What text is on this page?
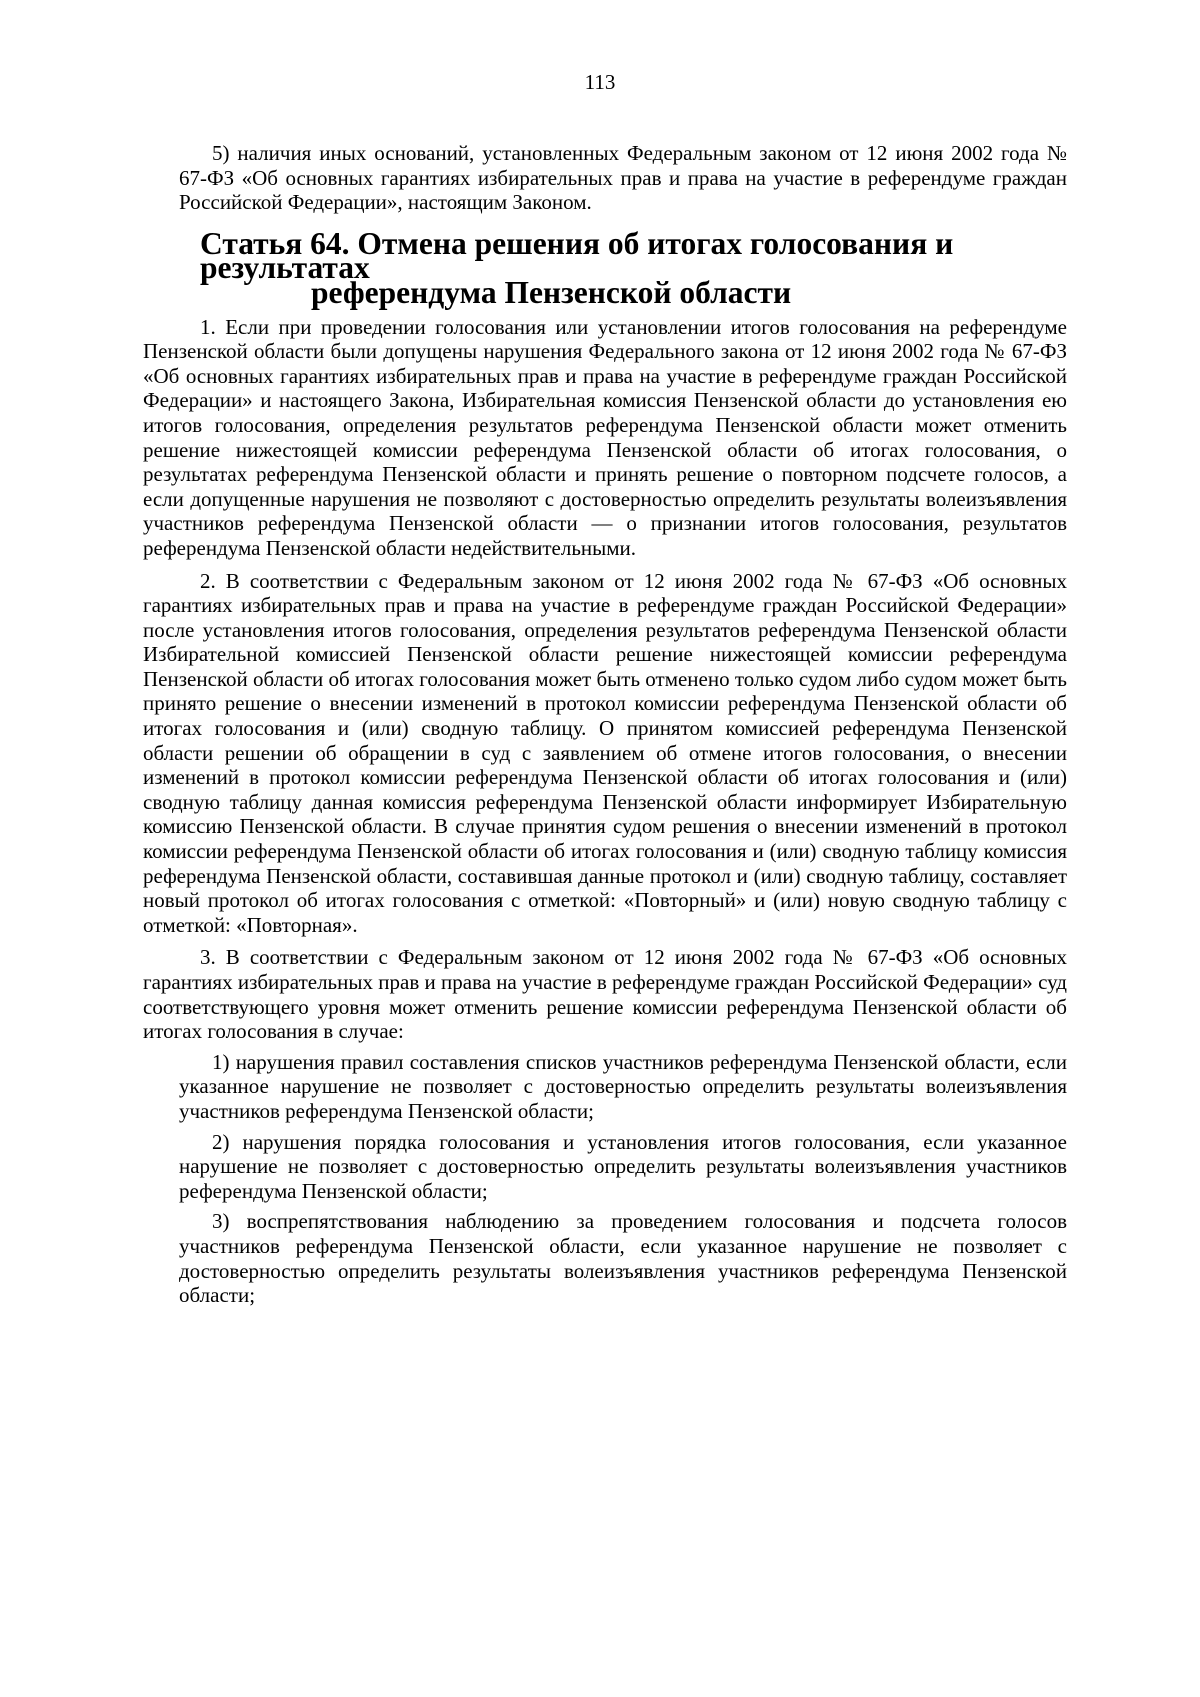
113

5) наличия иных оснований, установленных Федеральным законом от 12 июня 2002 года № 67-ФЗ «Об основных гарантиях избирательных прав и права на участие в референдуме граждан Российской Федерации», настоящим Законом.

Статья 64. Отмена решения об итогах голосования и результатах
референдума Пензенской области

1. Если при проведении голосования или установлении итогов голосования на референдуме Пензенской области были допущены нарушения Федерального закона от 12 июня 2002 года № 67-ФЗ «Об основных гарантиях избирательных прав и права на участие в референдуме граждан Российской Федерации» и настоящего Закона, Избирательная комиссия Пензенской области до установления ею итогов голосования, определения результатов референдума Пензенской области может отменить решение нижестоящей комиссии референдума Пензенской области об итогах голосования, о результатах референдума Пензенской области и принять решение о повторном подсчете голосов, а если допущенные нарушения не позволяют с достоверностью определить результаты волеизъявления участников референдума Пензенской области — о признании итогов голосования, результатов референдума Пензенской области недействительными.

2. В соответствии с Федеральным законом от 12 июня 2002 года № 67-ФЗ «Об основных гарантиях избирательных прав и права на участие в референдуме граждан Российской Федерации» после установления итогов голосования, определения результатов референдума Пензенской области Избирательной комиссией Пензенской области решение нижестоящей комиссии референдума Пензенской области об итогах голосования может быть отменено только судом либо судом может быть принято решение о внесении изменений в протокол комиссии референдума Пензенской области об итогах голосования и (или) сводную таблицу. О принятом комиссией референдума Пензенской области решении об обращении в суд с заявлением об отмене итогов голосования, о внесении изменений в протокол комиссии референдума Пензенской области об итогах голосования и (или) сводную таблицу данная комиссия референдума Пензенской области информирует Избирательную комиссию Пензенской области. В случае принятия судом решения о внесении изменений в протокол комиссии референдума Пензенской области об итогах голосования и (или) сводную таблицу комиссия референдума Пензенской области, составившая данные протокол и (или) сводную таблицу, составляет новый протокол об итогах голосования с отметкой: «Повторный» и (или) новую сводную таблицу с отметкой: «Повторная».

3. В соответствии с Федеральным законом от 12 июня 2002 года № 67-ФЗ «Об основных гарантиях избирательных прав и права на участие в референдуме граждан Российской Федерации» суд соответствующего уровня может отменить решение комиссии референдума Пензенской области об итогах голосования в случае:

1) нарушения правил составления списков участников референдума Пензенской области, если указанное нарушение не позволяет с достоверностью определить результаты волеизъявления участников референдума Пензенской области;

2) нарушения порядка голосования и установления итогов голосования, если указанное нарушение не позволяет с достоверностью определить результаты волеизъявления участников референдума Пензенской области;

3) воспрепятствования наблюдению за проведением голосования и подсчета голосов участников референдума Пензенской области, если указанное нарушение не позволяет с достоверностью определить результаты волеизъявления участников референдума Пензенской области;
